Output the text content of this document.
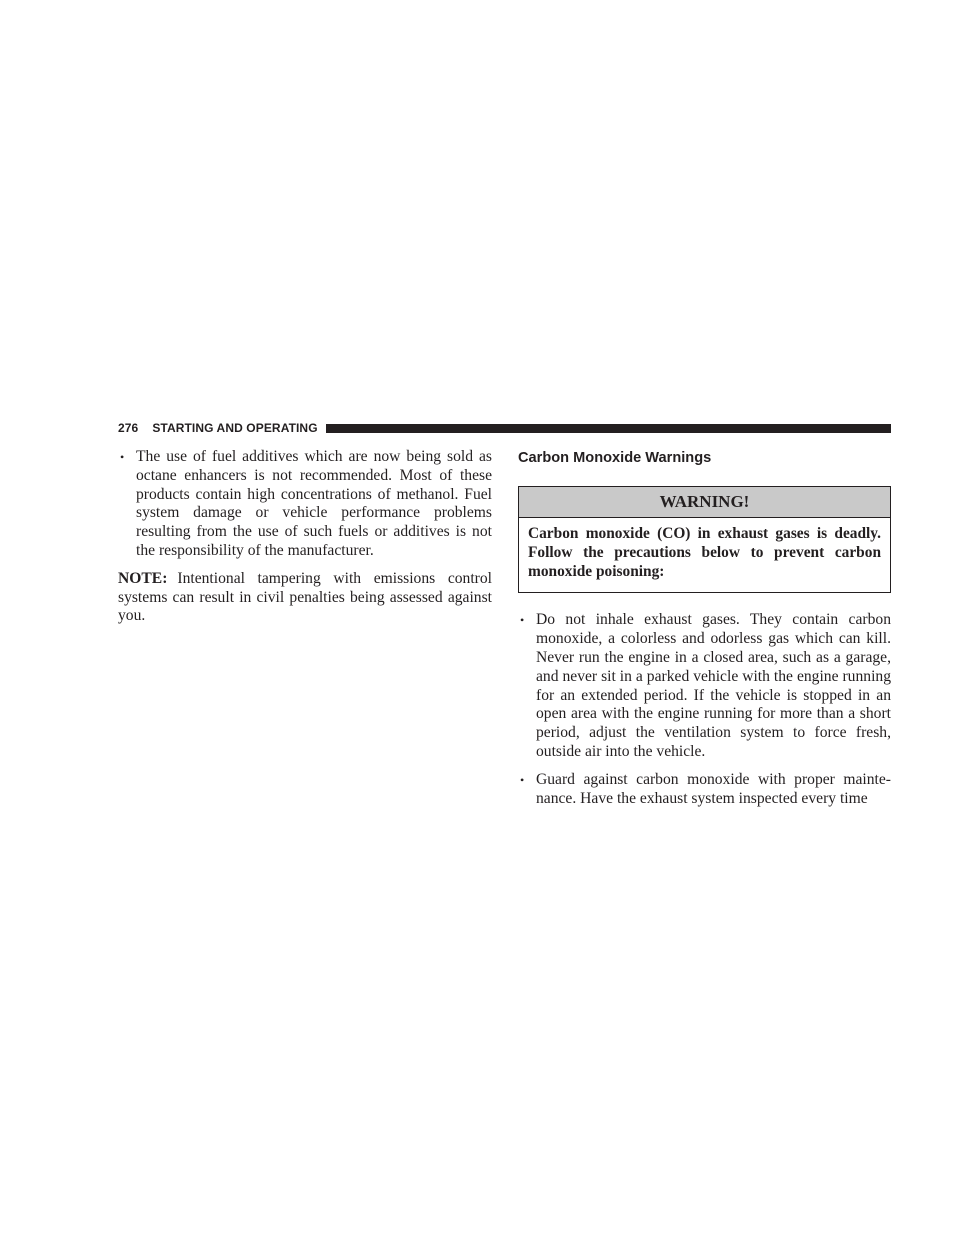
276 STARTING AND OPERATING
• The use of fuel additives which are now being sold as octane enhancers is not recommended. Most of these products contain high concentrations of methanol. Fuel system damage or vehicle performance problems resulting from the use of such fuels or additives is not the responsibility of the manufacturer.

NOTE: Intentional tampering with emissions control systems can result in civil penalties being assessed against you.

Carbon Monoxide Warnings
WARNING!
Carbon monoxide (CO) in exhaust gases is deadly. Follow the precautions below to prevent carbon monoxide poisoning:
• Do not inhale exhaust gases. They contain carbon monoxide, a colorless and odorless gas which can kill. Never run the engine in a closed area, such as a garage, and never sit in a parked vehicle with the engine running for an extended period. If the vehicle is stopped in an open area with the engine running for more than a short period, adjust the ventilation system to force fresh, outside air into the vehicle.
• Guard against carbon monoxide with proper mainte- nance. Have the exhaust system inspected every time
